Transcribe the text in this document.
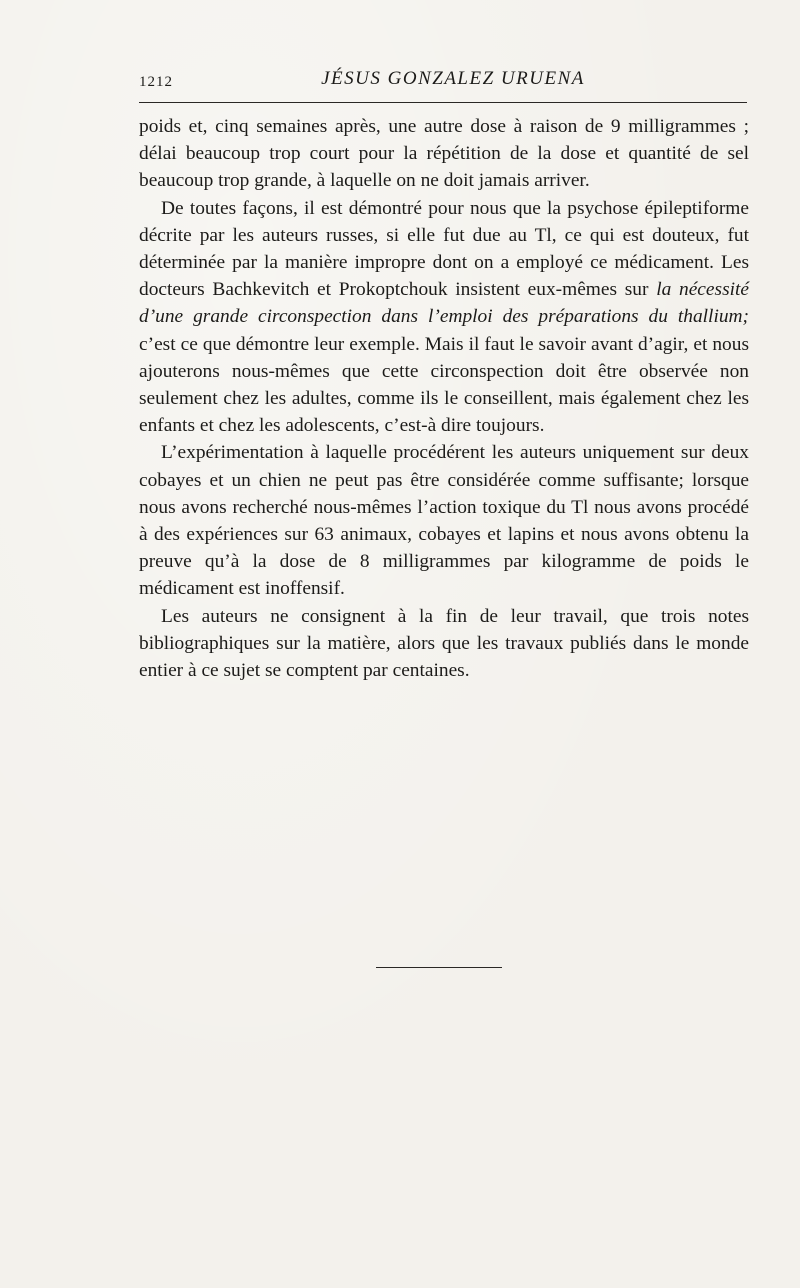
1212	JÉSUS GONZALEZ URUENA

poids et, cinq semaines après, une autre dose à raison de 9 milligrammes ; délai beaucoup trop court pour la répétition de la dose et quantité de sel beaucoup trop grande, à laquelle on ne doit jamais arriver.

De toutes façons, il est démontré pour nous que la psychose épileptiforme décrite par les auteurs russes, si elle fut due au Tl, ce qui est douteux, fut déterminée par la manière impropre dont on a employé ce médicament. Les docteurs Bachkevitch et Prokoptchouk insistent eux-mêmes sur la nécessité d’une grande circonspection dans l’emploi des préparations du thallium; c’est ce que démontre leur exemple. Mais il faut le savoir avant d’agir, et nous ajouterons nous-mêmes que cette circonspection doit être observée non seulement chez les adultes, comme ils le conseillent, mais également chez les enfants et chez les adolescents, c’est-à dire toujours.

L’expérimentation à laquelle procédérent les auteurs uniquement sur deux cobayes et un chien ne peut pas être considérée comme suffisante; lorsque nous avons recherché nous-mêmes l’action toxique du Tl nous avons procédé à des expériences sur 63 animaux, cobayes et lapins et nous avons obtenu la preuve qu’à la dose de 8 milligrammes par kilogramme de poids le médicament est inoffensif.

Les auteurs ne consignent à la fin de leur travail, que trois notes bibliographiques sur la matière, alors que les travaux publiés dans le monde entier à ce sujet se comptent par centaines.
